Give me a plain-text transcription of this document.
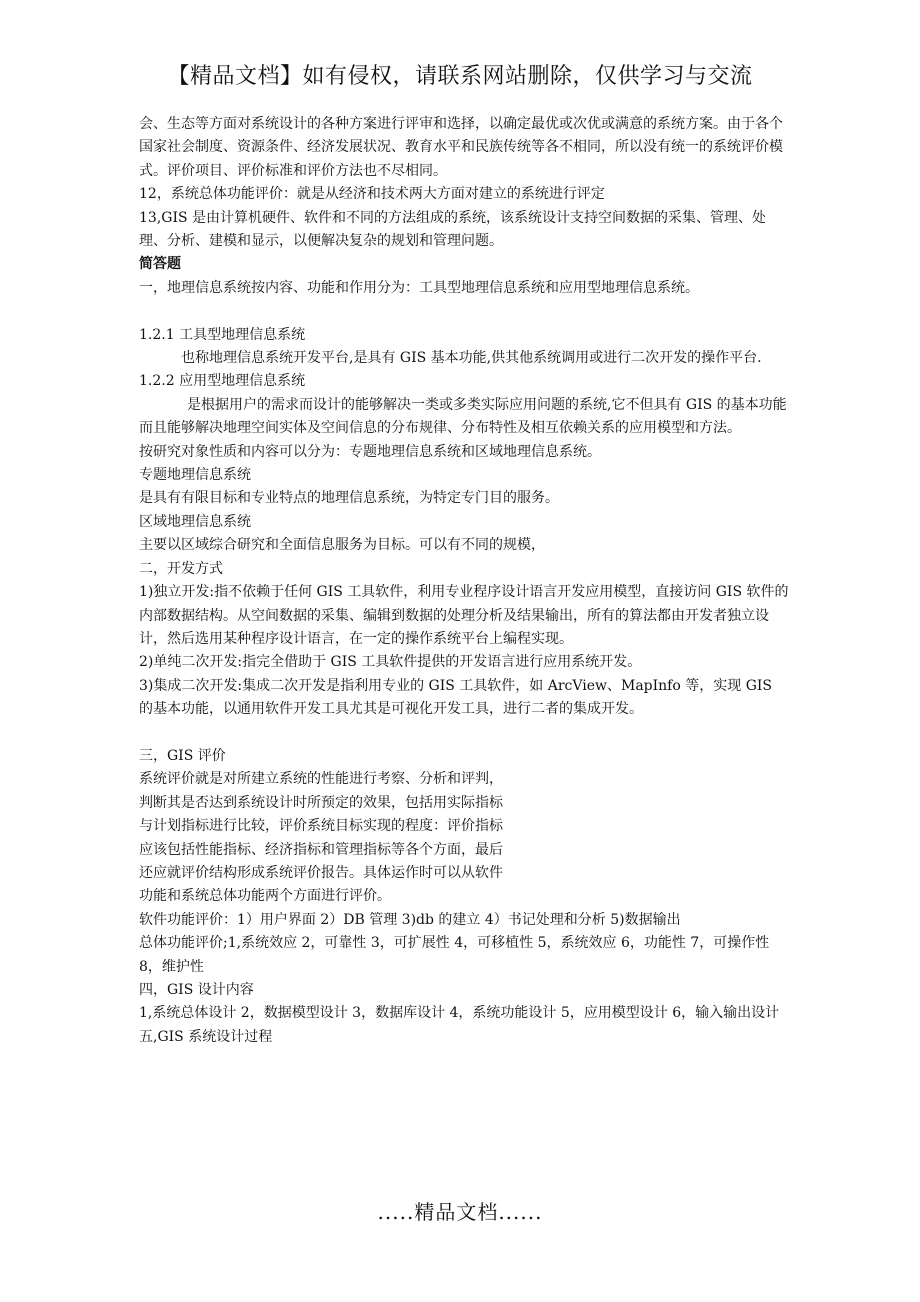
【精品文档】如有侵权，请联系网站删除，仅供学习与交流

会、生态等方面对系统设计的各种方案进行评审和选择，以确定最优或次优或满意的系统方案。由于各个国家社会制度、资源条件、经济发展状况、教育水平和民族传统等各不相同，所以没有统一的系统评价模式。评价项目、评价标准和评价方法也不尽相同。

12，系统总体功能评价：就是从经济和技术两大方面对建立的系统进行评定

13,GIS 是由计算机硬件、软件和不同的方法组成的系统，该系统设计支持空间数据的采集、管理、处理、分析、建模和显示，以便解决复杂的规划和管理问题。

简答题

一，地理信息系统按内容、功能和作用分为：工具型地理信息系统和应用型地理信息系统。

1.2.1 工具型地理信息系统

也称地理信息系统开发平台,是具有 GIS 基本功能,供其他系统调用或进行二次开发的操作平台.

1.2.2 应用型地理信息系统

是根据用户的需求而设计的能够解决一类或多类实际应用问题的系统,它不但具有 GIS 的基本功能而且能够解决地理空间实体及空间信息的分布规律、分布特性及相互依赖关系的应用模型和方法。

按研究对象性质和内容可以分为：专题地理信息系统和区域地理信息系统。

专题地理信息系统

是具有有限目标和专业特点的地理信息系统，为特定专门目的服务。

区域地理信息系统

主要以区域综合研究和全面信息服务为目标。可以有不同的规模，

二，开发方式

1)独立开发:指不依赖于任何 GIS 工具软件，利用专业程序设计语言开发应用模型，直接访问 GIS 软件的内部数据结构。从空间数据的采集、编辑到数据的处理分析及结果输出，所有的算法都由开发者独立设计，然后选用某种程序设计语言，在一定的操作系统平台上编程实现。

2)单纯二次开发:指完全借助于 GIS 工具软件提供的开发语言进行应用系统开发。

3)集成二次开发:集成二次开发是指利用专业的 GIS 工具软件，如 ArcView、MapInfo 等，实现 GIS 的基本功能，以通用软件开发工具尤其是可视化开发工具，进行二者的集成开发。

三，GIS 评价

系统评价就是对所建立系统的性能进行考察、分析和评判，

判断其是否达到系统设计时所预定的效果，包括用实际指标

与计划指标进行比较，评价系统目标实现的程度：评价指标

应该包括性能指标、经济指标和管理指标等各个方面，最后

还应就评价结构形成系统评价报告。具体运作时可以从软件

功能和系统总体功能两个方面进行评价。

软件功能评价：1）用户界面 2）DB 管理 3)db 的建立 4）书记处理和分析 5)数据输出

总体功能评价;1,系统效应 2，可靠性 3，可扩展性 4，可移植性 5，系统效应 6，功能性 7，可操作性 8，维护性

四，GIS 设计内容

1,系统总体设计 2，数据模型设计 3，数据库设计 4，系统功能设计 5，应用模型设计 6，输入输出设计

五,GIS 系统设计过程

.....精品文档......
